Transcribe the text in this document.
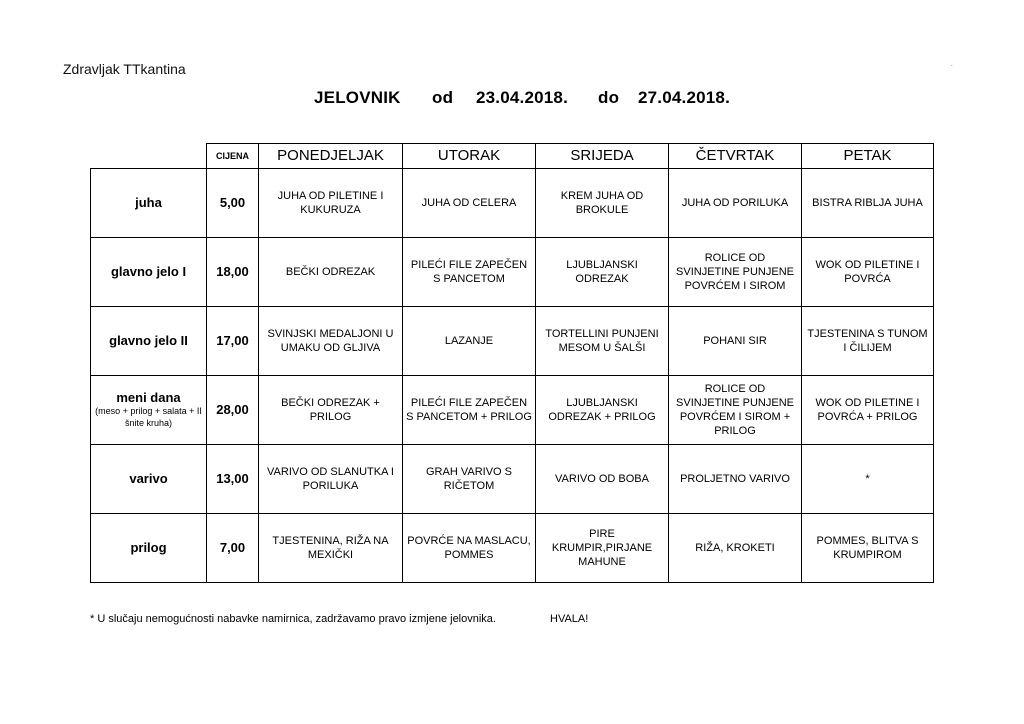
Zdravljak TTkantina	.
JELOVNIK od 23.04.2018. do 27.04.2018.
	CIJENA	PONEDJELJAK	UTORAK	SRIJEDA	ČETVRTAK	PETAK
juha	5,00	JUHA OD PILETINE I KUKURUZA	JUHA OD CELERA	KREM JUHA OD BROKULE	JUHA OD PORILUKA	BISTRA RIBLJA JUHA
glavno jelo I	18,00	BEČKI ODREZAK	PILEĆI FILE ZAPEČEN S PANCETOM	LJUBLJANSKI ODREZAK	ROLICE OD SVINJETINE PUNJENE POVRĆEM I SIROM	WOK OD PILETINE I POVRĆA
glavno jelo II	17,00	SVINJSKI MEDALJONI U UMAKU OD GLJIVA	LAZANJE	TORTELLINI PUNJENI MESOM U ŠALŠI	POHANI SIR	TJESTENINA S TUNOM I ČILIJEM
meni dana
(meso + prilog + salata + II šnite kruha)	28,00	BEČKI ODREZAK + PRILOG	PILEĆI FILE ZAPEČEN S PANCETOM + PRILOG	LJUBLJANSKI ODREZAK + PRILOG	ROLICE OD SVINJETINE PUNJENE POVRĆEM I SIROM + PRILOG	WOK OD PILETINE I POVRĆA + PRILOG
varivo	13,00	VARIVO OD SLANUTKA I PORILUKA	GRAH VARIVO S RIČETOM	VARIVO OD BOBA	PROLJETNO VARIVO	*
prilog	7,00	TJESTENINA, RIŽA NA MEXIČKI	POVRĆE NA MASLACU, POMMES	PIRE KRUMPIR,PIRJANE MAHUNE	RIŽA, KROKETI	POMMES, BLITVA S KRUMPIROM
* U slučaju nemogućnosti nabavke namirnica, zadržavamo pravo izmjene jelovnika.	HVALA!
